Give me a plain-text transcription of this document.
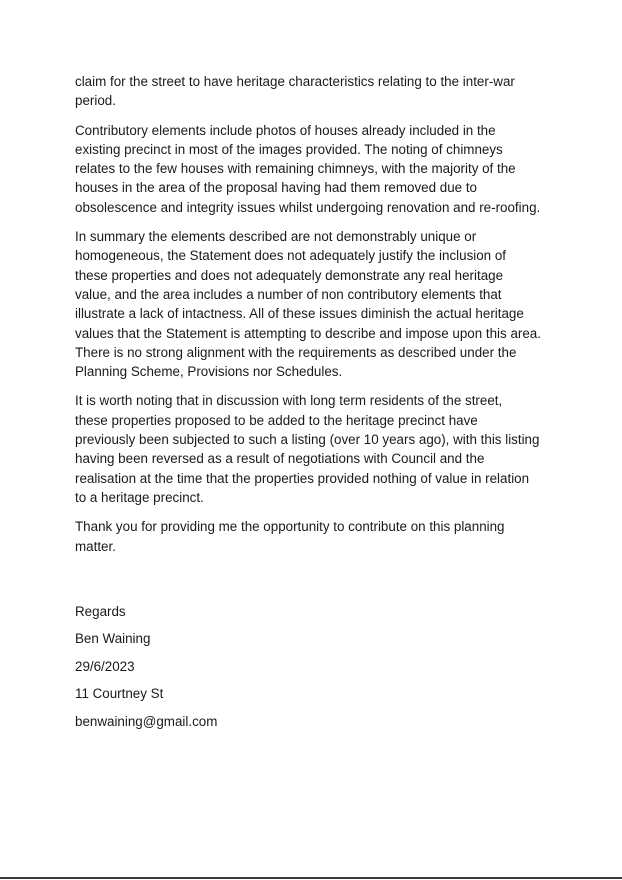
claim for the street to have heritage characteristics relating to the inter-war
period.

Contributory elements include photos of houses already included in the
existing precinct in most of the images provided. The noting of chimneys
relates to the few houses with remaining chimneys, with the majority of the
houses in the area of the proposal having had them removed due to
obsolescence and integrity issues whilst undergoing renovation and re-roofing.

In summary the elements described are not demonstrably unique or
homogeneous, the Statement does not adequately justify the inclusion of
these properties and does not adequately demonstrate any real heritage
value, and the area includes a number of non contributory elements that
illustrate a lack of intactness. All of these issues diminish the actual heritage
values that the Statement is attempting to describe and impose upon this area.
There is no strong alignment with the requirements as described under the
Planning Scheme, Provisions nor Schedules.

It is worth noting that in discussion with long term residents of the street,
these properties proposed to be added to the heritage precinct have
previously been subjected to such a listing (over 10 years ago), with this listing
having been reversed as a result of negotiations with Council and the
realisation at the time that the properties provided nothing of value in relation
to a heritage precinct.

Thank you for providing me the opportunity to contribute on this planning
matter.

Regards
Ben Waining
29/6/2023
11 Courtney St
benwaining@gmail.com
